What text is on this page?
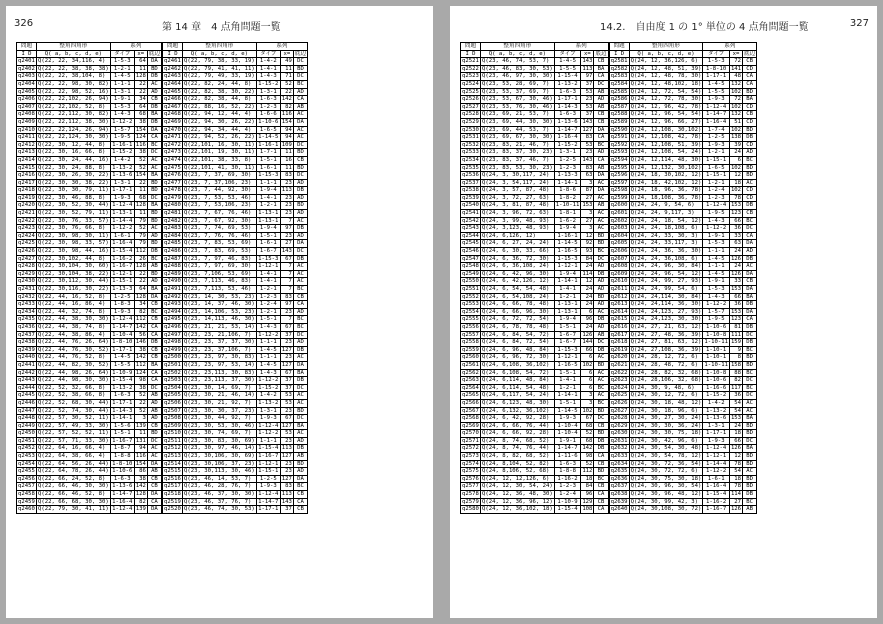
326	第 14 章　4 点角問題一覧
問題	整角四角形	系列		
I D	Q( a, b, c, d, e)	タイプ	x=	底辺
q2401	Q(22, 22, 34,116, 4)	1-5-3	64	DA
q2402	Q(22, 22, 38, 38, 38)	1-2-1	11	BD
q2403	Q(22, 22, 38,104, 8)	1-4-5	128	DB
q2404	Q(22, 22, 98, 30, 82)	1-1-1	22	AC
q2405	Q(22, 22, 98, 52, 16)	1-3-1	22	AD
q2406	Q(22, 22,102, 26, 94)	1-9-1	34	CB
q2407	Q(22, 22,102, 52, 8)	1-5-3	64	DB
q2408	Q(22, 22,112, 30, 82)	1-4-3	68	BA
q2409	Q(22, 22,112, 38, 30)	1-12-2	38	DB
q2410	Q(22, 22,124, 26, 94)	1-5-7	154	DA
q2411	Q(22, 22,124, 30, 30)	1-9-5	124	CA
q2412	Q(22, 30, 12, 44, 8)	1-16-1	116	BC
q2413	Q(22, 30, 16, 66, 8)	1-15-2	38	DC
q2414	Q(22, 30, 24, 44, 16)	1-4-2	52	AC
q2415	Q(22, 30, 24, 88, 8)	1-13-2	52	AC
q2416	Q(22, 30, 26, 30, 22)	1-13-6	154	BA
q2417	Q(22, 30, 30, 38, 22)	1-3-1	22	BD
q2418	Q(22, 30, 30, 79, 11)	1-17-1	11	BD
q2419	Q(22, 30, 46, 88, 8)	1-9-3	68	DC
q2420	Q(22, 30, 52, 30, 44)	1-12-4	128	BA
q2421	Q(22, 30, 52, 79, 11)	1-13-1	11	BD
q2422	Q(22, 30, 76, 33, 57)	1-14-4	79	BD
q2423	Q(22, 30, 76, 66, 8)	1-12-2	52	AC
q2424	Q(22, 30, 98, 30, 11)	1-6-1	79	AD
q2425	Q(22, 30, 98, 33, 57)	1-16-4	79	BD
q2426	Q(22, 30, 98, 44, 16)	1-15-4	112	DB
q2427	Q(22, 30,102, 44, 8)	1-16-2	26	BC
q2428	Q(22, 30,104, 30, 60)	1-16-7	128	AB
q2429	Q(22, 30,104, 38, 22)	1-12-1	22	BD
q2430	Q(22, 30,112, 30, 44)	1-15-1	22	AD
q2431	Q(22, 30,116, 30, 22)	1-13-3	64	BA
q2432	Q(22, 44, 16, 52, 8)	1-2-5	128	DA
q2433	Q(22, 44, 16, 86, 4)	1-8-3	34	CB
q2434	Q(22, 44, 32, 74, 8)	1-9-3	82	BC
q2435	Q(22, 44, 38, 30, 30)	1-12-4	112	CB
q2436	Q(22, 44, 38, 74, 8)	1-14-7	142	CA
q2437	Q(22, 44, 38, 86, 4)	1-10-4	56	CA
q2438	Q(22, 44, 76, 26, 64)	1-8-10	146	DB
q2439	Q(22, 44, 76, 30, 52)	1-17-1	38	CB
q2440	Q(22, 44, 76, 52, 8)	1-4-5	142	CB
q2441	Q(22, 44, 82, 30, 52)	1-5-5	112	BA
q2442	Q(22, 44, 98, 26, 64)	1-10-9	124	CA
q2443	Q(22, 44, 98, 30, 30)	1-15-4	98	CA
q2444	Q(22, 52, 32, 66, 8)	1-13-2	38	DC
q2445	Q(22, 52, 38, 66, 8)	1-6-3	52	AB
q2446	Q(22, 52, 68, 30, 44)	1-17-1	22	AD
q2447	Q(22, 52, 74, 30, 44)	1-14-3	52	AB
q2448	Q(22, 57, 30, 52, 11)	1-14-1	3	AD
q2449	Q(22, 57, 49, 33, 30)	1-5-6	139	CB
q2450	Q(22, 57, 52, 52, 11)	1-5-1	11	BD
q2451	Q(22, 57, 71, 33, 30)	1-16-7	131	DC
q2452	Q(22, 64, 16, 66, 4)	1-8-7	94	AC
q2453	Q(22, 64, 38, 66, 4)	1-8-8	116	AC
q2454	Q(22, 64, 56, 26, 44)	1-8-10	154	DA
q2455	Q(22, 64, 78, 26, 44)	1-10-6	86	AB
q2456	Q(22, 66, 24, 52, 8)	1-6-3	38	CB
q2457	Q(22, 66, 46, 30, 30)	1-13-6	142	CB
q2458	Q(22, 66, 46, 52, 8)	1-14-7	128	DA
q2459	Q(22, 66, 68, 30, 30)	1-16-4	82	CA
q2460	Q(22, 79, 30, 41, 11)	1-12-4	139	DA
問題	整角四角形	系列		
I D	Q( a, b, c, d, e)	タイプ	x=	底辺
q2461	Q(22, 79, 38, 33, 19)	1-4-2	49	DC
q2462	Q(22, 79, 41, 41, 11)	1-4-1	11	BD
q2463	Q(22, 79, 49, 33, 19)	1-4-3	71	DC
q2464	Q(22, 82, 24, 44, 8)	1-15-2	52	BC
q2465	Q(22, 82, 38, 30, 22)	1-3-1	22	AD
q2466	Q(22, 82, 38, 44, 8)	1-6-3	142	CA
q2467	Q(22, 88, 16, 52, 22)	1-2-3	82	AB
q2468	Q(22, 94, 12, 44, 4)	1-6-6	116	AC
q2469	Q(22, 94, 30, 26, 22)	1-10-6	154	DA
q2470	Q(22, 94, 34, 44, 4)	1-6-5	94	AC
q2471	Q(22, 94, 52, 26, 22)	1-14-5	94	AC
q2472	Q(22,101, 16, 30, 11)	1-16-1	109	DC
q2473	Q(22,101, 19, 30, 11)	1-7-1	11	BD
q2474	Q(22,101, 38, 33, 8)	1-5-1	16	CB
q2475	Q(22,101, 41, 30, 11)	1-6-1	11	BD
q2476	Q(23, 7, 37, 69, 30)	1-15-3	83	DC
q2477	Q(23, 7, 37,106, 23)	1-1-1	23	AD
q2478	Q(23, 7, 44, 92, 30)	1-9-4	113	DB
q2479	Q(23, 7, 53, 53, 46)	1-4-1	23	AD
q2480	Q(23, 7, 53,106, 23)	1-2-1	23	BD
q2481	Q(23, 7, 67, 76, 46)	1-13-1	23	AD
q2482	Q(23, 7, 67, 92, 30)	1-13-1	7	AC
q2483	Q(23, 7, 74, 69, 53)	1-9-4	97	DB
q2484	Q(23, 7, 76, 76, 46)	1-5-1	23	AD
q2485	Q(23, 7, 83, 53, 69)	1-6-1	27	DA
q2486	Q(23, 7, 83, 69, 53)	1-6-7	143	DC
q2487	Q(23, 7, 97, 46, 83)	1-15-3	67	DB
q2488	Q(23, 7, 97, 69, 30)	1-12-1	7	AC
q2489	Q(23, 7,106, 53, 69)	1-4-1	7	AC
q2490	Q(23, 7,113, 46, 83)	1-4-1	7	AC
q2491	Q(23, 7,113, 53, 46)	1-2-1	7	BC
q2492	Q(23, 14, 30, 53, 23)	1-2-3	83	CB
q2493	Q(23, 14, 37, 46, 30)	1-2-4	97	CA
q2494	Q(23, 14,106, 53, 23)	1-2-1	23	AD
q2495	Q(23, 14,113, 46, 30)	1-5-1	7	BC
q2496	Q(23, 21, 21, 53, 14)	1-4-3	67	BC
q2497	Q(23, 23, 21,106, 7)	1-12-2	37	DC
q2498	Q(23, 23, 37, 37, 30)	1-1-1	23	AD
q2499	Q(23, 23, 37,106, 7)	1-4-5	127	DB
q2500	Q(23, 23, 97, 30, 83)	1-1-1	23	AC
q2501	Q(23, 23, 97, 53, 14)	1-4-5	127	DA
q2502	Q(23, 23,113, 30, 83)	1-4-3	67	BA
q2503	Q(23, 23,113, 37, 30)	1-12-2	37	DB
q2504	Q(23, 30, 14, 69, 7)	1-15-2	37	DC
q2505	Q(23, 30, 21, 46, 14)	1-4-2	53	AC
q2506	Q(23, 30, 21, 92, 7)	1-13-2	53	AC
q2507	Q(23, 30, 30, 37, 23)	1-3-1	23	BD
q2508	Q(23, 30, 44, 92, 7)	1-9-3	67	DC
q2509	Q(23, 30, 53, 30, 46)	1-12-4	127	BA
q2510	Q(23, 30, 74, 69, 7)	1-12-2	53	AC
q2511	Q(23, 30, 83, 30, 69)	1-1-1	23	AD
q2512	Q(23, 30, 97, 46, 14)	1-15-4	113	DB
q2513	Q(23, 30,106, 30, 69)	1-16-7	127	AB
q2514	Q(23, 30,106, 37, 23)	1-12-1	23	BD
q2515	Q(23, 30,113, 30, 46)	1-15-1	23	AD
q2516	Q(23, 46, 14, 53, 7)	1-2-5	127	DA
q2517	Q(23, 46, 28, 76, 7)	1-9-3	83	BC
q2518	Q(23, 46, 37, 30, 30)	1-12-4	113	CB
q2519	Q(23, 46, 37, 76, 7)	1-14-7	143	CA
q2520	Q(23, 46, 74, 30, 53)	1-17-1	37	CB
14.2.　自由度 1 の 1° 単位の 4 点角問題一覧	327
問題	整角四角形	系列		
I D	Q( a, b, c, d, e)	タイプ	x=	底辺
q2521	Q(23, 46, 74, 53, 7)	1-4-5	143	CB
q2522	Q(23, 46, 83, 30, 53)	1-5-5	113	BA
q2523	Q(23, 46, 97, 30, 30)	1-15-4	97	CA
q2524	Q(23, 53, 28, 69, 7)	1-13-2	37	DC
q2525	Q(23, 53, 37, 69, 7)	1-6-3	53	AB
q2526	Q(23, 53, 67, 30, 46)	1-17-1	23	AD
q2527	Q(23, 53, 76, 30, 46)	1-14-3	53	AB
q2528	Q(23, 69, 21, 53, 7)	1-6-3	37	CB
q2529	Q(23, 69, 44, 30, 30)	1-13-6	143	CB
q2530	Q(23, 69, 44, 53, 7)	1-14-7	127	DA
q2531	Q(23, 69, 67, 30, 30)	1-16-4	83	CA
q2532	Q(23, 83, 21, 46, 7)	1-15-2	53	BC
q2533	Q(23, 83, 37, 30, 23)	1-3-1	23	AD
q2534	Q(23, 83, 37, 46, 7)	1-2-5	143	CA
q2535	Q(23, 83, 53, 30, 23)	1-2-3	83	AB
q2536	Q(24, 3, 30,117, 24)	1-13-3	63	DA
q2537	Q(24, 3, 54,117, 24)	1-14-1	3	AC
q2538	Q(24, 3, 57, 87, 48)	1-8-6	87	DA
q2539	Q(24, 3, 72, 27, 63)	1-8-2	27	AC
q2540	Q(24, 3, 81, 87, 48)	1-10-11	153	AB
q2541	Q(24, 3, 96, 72, 63)	1-8-1	3	AC
q2542	Q(24, 3, 99, 48, 93)	1-6-2	27	AC
q2543	Q(24, 3,123, 48, 93)	1-9-4	3	AC
q2544	Q(24, 6,126, 12)	1-16-1	12	BD
q2545	Q(24, 6, 27, 24, 24)	1-14-5	92	BD
q2546	Q(24, 6, 30, 33, 66)	1-16-5	93	BC
q2547	Q(24, 6, 36, 72, 30)	1-15-3	84	DC
q2548	Q(24, 6, 36,108, 24)	1-12-1	24	AD
q2549	Q(24, 6, 42, 96, 30)	1-9-4	114	DB
q2550	Q(24, 6, 42,126, 12)	1-14-1	12	AD
q2551	Q(24, 6, 54, 54, 48)	1-4-1	24	AD
q2552	Q(24, 6, 54,108, 24)	1-2-1	24	BD
q2553	Q(24, 6, 66, 78, 48)	1-13-1	24	AD
q2554	Q(24, 6, 66, 96, 30)	1-13-1	6	AC
q2555	Q(24, 6, 72, 72, 54)	1-9-4	96	DB
q2556	Q(24, 6, 78, 78, 48)	1-5-1	24	AD
q2557	Q(24, 6, 84, 54, 72)	1-6-7	126	AB
q2558	Q(24, 6, 84, 72, 54)	1-6-7	144	DC
q2559	Q(24, 6, 96, 48, 84)	1-15-3	66	DB
q2560	Q(24, 6, 96, 72, 30)	1-12-1	6	AC
q2561	Q(24, 6,108, 36,102)	1-16-5	102	BD
q2562	Q(24, 6,108, 54, 72)	1-5-1	6	AC
q2563	Q(24, 6,114, 48, 84)	1-4-1	6	AC
q2564	Q(24, 6,114, 54, 48)	1-2-1	6	BC
q2565	Q(24, 6,117, 54, 24)	1-14-1	3	AC
q2566	Q(24, 6,123, 48, 30)	1-5-1	3	BC
q2567	Q(24, 6,132, 36,102)	1-14-5	102	BD
q2568	Q(24, 6, 42, 92, 28)	1-9-3	67	DC
q2569	Q(24, 6, 66, 76, 44)	1-10-4	68	CB
q2570	Q(24, 6, 66, 92, 28)	1-10-4	52	BD
q2571	Q(24, 8, 74, 68, 52)	1-9-1	68	DB
q2572	Q(24, 8, 74, 76, 44)	1-14-7	142	DB
q2573	Q(24, 8, 82, 68, 52)	1-11-6	98	CA
q2574	Q(24, 8,104, 52, 82)	1-6-3	52	CB
q2575	Q(24, 8,106, 52, 68)	1-8-8	112	BD
q2576	Q(24, 12, 12,126, 6)	1-16-2	18	BC
q2577	Q(24, 12, 30, 54, 24)	1-2-3	84	CB
q2578	Q(24, 12, 36, 48, 30)	1-2-4	96	CA
q2579	Q(24, 12, 36, 96, 12)	1-10-9	129	CB
q2580	Q(24, 12, 36,102, 18)	1-15-4	108	CA
問題	整角四角形	系列		
I D	Q( a, b, c, d, e)	タイプ	x=	底辺
q2581	Q(24, 12, 36,126, 6)	1-5-3	72	CB
q2582	Q(24, 12, 48, 51, 39)	1-8-10	141	CD
q2583	Q(24, 12, 48, 78, 30)	1-17-1	48	CA
q2584	Q(24, 12, 48,102, 18)	1-4-5	132	CA
q2585	Q(24, 12, 72, 54, 54)	1-5-5	102	BD
q2586	Q(24, 12, 72, 78, 30)	1-9-3	72	BA
q2587	Q(24, 12, 96, 42, 78)	1-12-4	102	CD
q2588	Q(24, 12, 96, 54, 54)	1-14-7	132	CB
q2589	Q(24, 12, 96, 66, 27)	1-16-4	51	CD
q2590	Q(24, 12,108, 30,102)	1-7-4	102	BD
q2591	Q(24, 12,108, 42, 78)	1-2-5	138	DB
q2592	Q(24, 12,108, 51, 39)	1-9-3	39	CD
q2593	Q(24, 12,108, 54, 24)	1-2-1	24	AD
q2594	Q(24, 12,114, 48, 30)	1-15-1	6	BC
q2595	Q(24, 12,132, 30,102)	1-6-5	102	BD
q2596	Q(24, 18, 30,102, 12)	1-15-1	12	BD
q2597	Q(24, 18, 42,102, 12)	1-2-1	18	AC
q2598	Q(24, 18, 96, 36, 78)	1-2-4	102	CD
q2599	Q(24, 18,108, 36, 78)	1-2-3	78	CD
q2600	Q(24, 24, 9, 54, 6)	1-12-4	153	DB
q2601	Q(24, 24, 9,117, 3)	1-9-5	123	CB
q2602	Q(24, 24, 18, 54, 12)	1-4-3	66	BC
q2603	Q(24, 24, 18,108, 6)	1-12-2	36	DC
q2604	Q(24, 24, 33, 30, 3)	1-9-1	33	CA
q2605	Q(24, 24, 33,117, 3)	1-5-3	63	DA
q2606	Q(24, 24, 36, 36, 30)	1-1-1	24	AD
q2607	Q(24, 24, 36,108, 6)	1-4-5	126	DB
q2608	Q(24, 24, 96, 30, 84)	1-1-1	24	AC
q2609	Q(24, 24, 96, 54, 12)	1-4-5	126	DA
q2610	Q(24, 24, 99, 27, 93)	1-9-1	33	CB
q2611	Q(24, 24, 99, 54, 6)	1-5-3	153	DA
q2612	Q(24, 24,114, 30, 84)	1-4-3	66	BA
q2613	Q(24, 24,114, 36, 30)	1-12-2	36	DB
q2614	Q(24, 24,123, 27, 93)	1-5-7	153	DA
q2615	Q(24, 24,123, 30, 30)	1-9-5	123	CA
q2616	Q(24, 27, 21, 63, 12)	1-10-6	81	DB
q2617	Q(24, 27, 48, 36, 39)	1-10-8	111	DC
q2618	Q(24, 27, 81, 63, 12)	1-10-11	159	DB
q2619	Q(24, 27,108, 36, 39)	1-10-1	9	BC
q2620	Q(24, 28, 12, 72, 6)	1-10-1	8	BD
q2621	Q(24, 28, 48, 72, 6)	1-10-11	158	BD
q2622	Q(24, 28, 82, 32, 68)	1-10-8	88	BC
q2623	Q(24, 28,106, 32, 68)	1-10-6	82	DC
q2624	Q(24, 30, 9, 48, 6)	1-16-6	117	BC
q2625	Q(24, 30, 12, 72, 6)	1-15-2	36	DC
q2626	Q(24, 30, 18, 48, 12)	1-4-2	54	AC
q2627	Q(24, 30, 18, 96, 6)	1-13-2	54	AC
q2628	Q(24, 30, 27, 30, 24)	1-13-6	153	BA
q2629	Q(24, 30, 30, 36, 24)	1-3-1	24	BD
q2630	Q(24, 30, 30, 75, 18)	1-17-1	18	BD
q2631	Q(24, 30, 42, 96, 6)	1-9-3	66	DC
q2632	Q(24, 30, 54, 30, 48)	1-12-4	126	BA
q2633	Q(24, 30, 54, 78, 12)	1-12-1	12	BD
q2634	Q(24, 30, 72, 36, 54)	1-14-4	78	BD
q2635	Q(24, 30, 72, 72, 6)	1-12-2	54	AC
q2636	Q(24, 30, 75, 30, 18)	1-6-1	18	BD
q2637	Q(24, 30, 96, 30, 54)	1-16-4	78	BD
q2638	Q(24, 30, 96, 48, 12)	1-15-4	114	DB
q2639	Q(24, 30, 99, 42, 3)	1-16-2	27	BC
q2640	Q(24, 30,108, 30, 72)	1-16-7	126	AB
